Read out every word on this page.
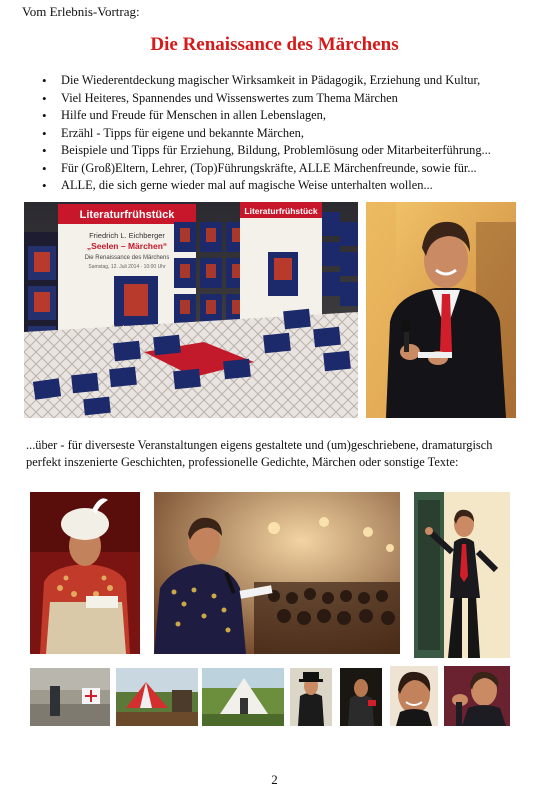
Vom Erlebnis-Vortrag:
Die Renaissance des Märchens
• Die Wiederentdeckung magischer Wirksamkeit in Pädagogik, Erziehung und Kultur,
• Viel Heiteres, Spannendes und Wissenswertes zum Thema Märchen
• Hilfe und Freude für Menschen in allen Lebenslagen,
• Erzähl - Tipps für eigene und bekannte Märchen,
• Beispiele und Tipps für Erziehung, Bildung, Problemlösung oder Mitarbeiterführung...
• Für (Groß)Eltern, Lehrer, (Top)Führungskräfte, ALLE Märchenfreunde, sowie für...
• ALLE, die sich gerne wieder mal auf magische Weise unterhalten wollen...
Literaturfrühstück
Friedrich L. Eichberger
„Seelen – Märchen“
Die Renaissance des Märchens
Samstag, 12. Juli 2014 · 10:00 Uhr
Literaturfrühstück
...über - für diverseste Veranstaltungen eigens gestaltete und (um)geschriebene, dramaturgisch perfekt inszenierte Geschichten, professionelle Gedichte, Märchen oder sonstige Texte:
2
